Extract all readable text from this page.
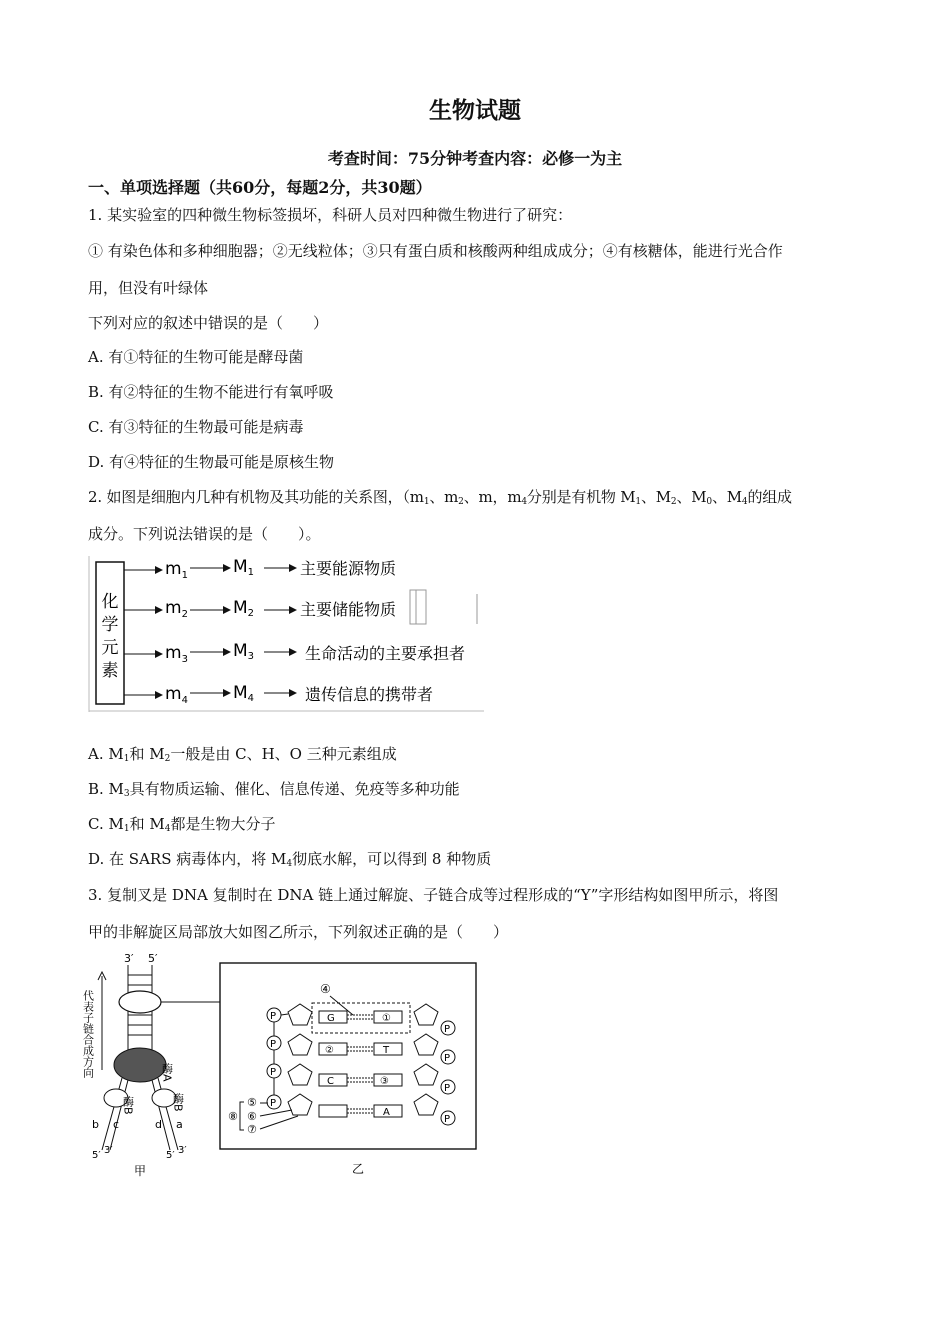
生物试题
考查时间：75分钟考查内容：必修一为主
一、单项选择题（共60分，每题2分，共30题）
1. 某实验室的四种微生物标签损坏，科研人员对四种微生物进行了研究：
① 有染色体和多种细胞器；②无线粒体；③只有蛋白质和核酸两种组成成分；④有核糖体，能进行光合作
用，但没有叶绿体
下列对应的叙述中错误的是（　　）
A. 有①特征的生物可能是酵母菌
B. 有②特征的生物不能进行有氧呼吸
C. 有③特征的生物最可能是病毒
D. 有④特征的生物最可能是原核生物
2. 如图是细胞内几种有机物及其功能的关系图，（$m_1$、$m_2$、m，$m_4$分别是有机物 $M_1$、$M_2$、$M_0$、$M_4$的组成
成分。下列说法错误的是（　　）。
化
学
元
素
$m_1$	M1	主要能源物质
$m_2$	M2	主要储能物质
$m_3$	M3	生命活动的主要承担者
$m_4$	M4	遗传信息的携带者
A. $M_1$和 $M_2$一般是由 C、H、O 三种元素组成
B. $M_3$具有物质运输、催化、信息传递、免疫等多种功能
C. $M_1$和 $M_4$都是生物大分子
D. 在 SARS 病毒体内，将 $M_4$彻底水解，可以得到 8 种物质
3. 复制叉是 DNA 复制时在 DNA 链上通过解旋、子链合成等过程形成的“Y”字形结构如图甲所示，将图
甲的非解旋区局部放大如图乙所示，下列叙述正确的是（　　）
3′ 5′
酶A
酶B	酶B
b c	d a
5′ 3′	5′ 3′
代表子链合成方向
甲
④
P	G	①
P
P
②	T
P
P
C	③
P
P
A
P
⑤
⑥
⑦
⑧
乙
